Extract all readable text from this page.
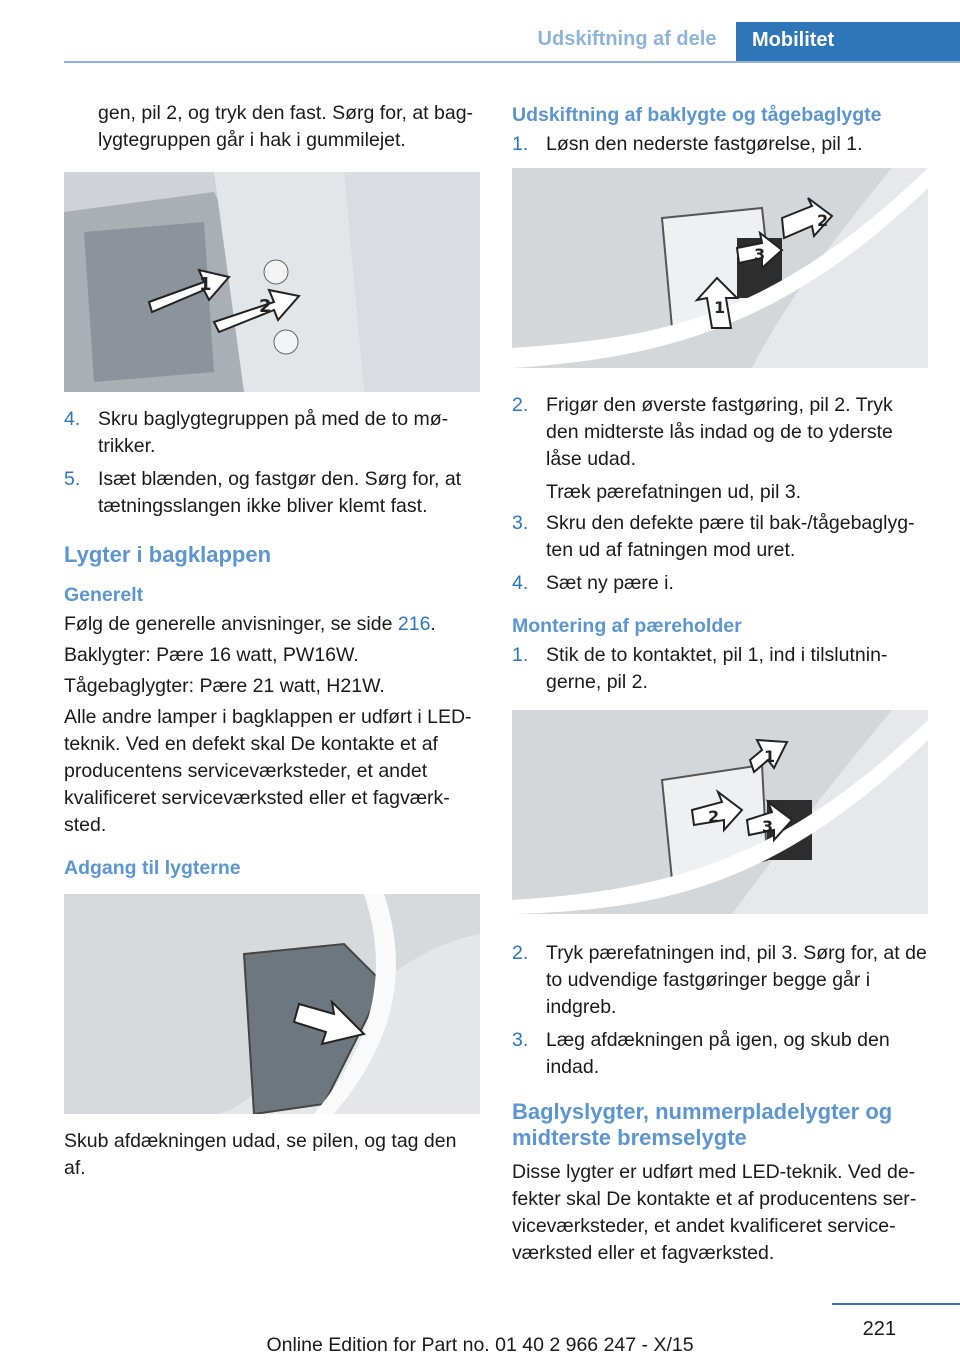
Udskiftning af dele	Mobilitet

gen, pil 2, og tryk den fast. Sørg for, at baglygtegruppen går i hak i gummilejet.

1
2
4. Skru baglygtegruppen på med de to møtrikker.
5. Isæt blænden, og fastgør den. Sørg for, at tætningsslangen ikke bliver klemt fast.
Lygter i bagklappen
Generelt

Følg de generelle anvisninger, se side 216.

Baklygter: Pære 16 watt, PW16W.

Tågebaglygter: Pære 21 watt, H21W.

Alle andre lamper i bagklappen er udført i LED-teknik. Ved en defekt skal De kontakte et af producentens serviceværksteder, et andet kvalificeret serviceværksted eller et fagværksted.

Adgang til lygterne

Skub afdækningen udad, se pilen, og tag den af.

Udskiftning af baklygte og tågebaglygte
1. Løsn den nederste fastgørelse, pil 1.
2
1
3
2. Frigør den øverste fastgøring, pil 2. Tryk den midterste lås indad og de to yderste låse udad.

Træk pærefatningen ud, pil 3.

3. Skru den defekte pære til bak-/tågebaglygten ud af fatningen mod uret.
4. Sæt ny pære i.
Montering af pæreholder
1. Stik de to kontaktet, pil 1, ind i tilslutningerne, pil 2.
1
2
3
2. Tryk pærefatningen ind, pil 3. Sørg for, at de to udvendige fastgøringer begge går i indgreb.
3. Læg afdækningen på igen, og skub den indad.
Baglyslygter, nummerpladelygter og midterste bremselygte

Disse lygter er udført med LED-teknik. Ved defekter skal De kontakte et af producentens serviceværksteder, et andet kvalificeret serviceværksted eller et fagværksted.

221
Online Edition for Part no. 01 40 2 966 247 - X/15
